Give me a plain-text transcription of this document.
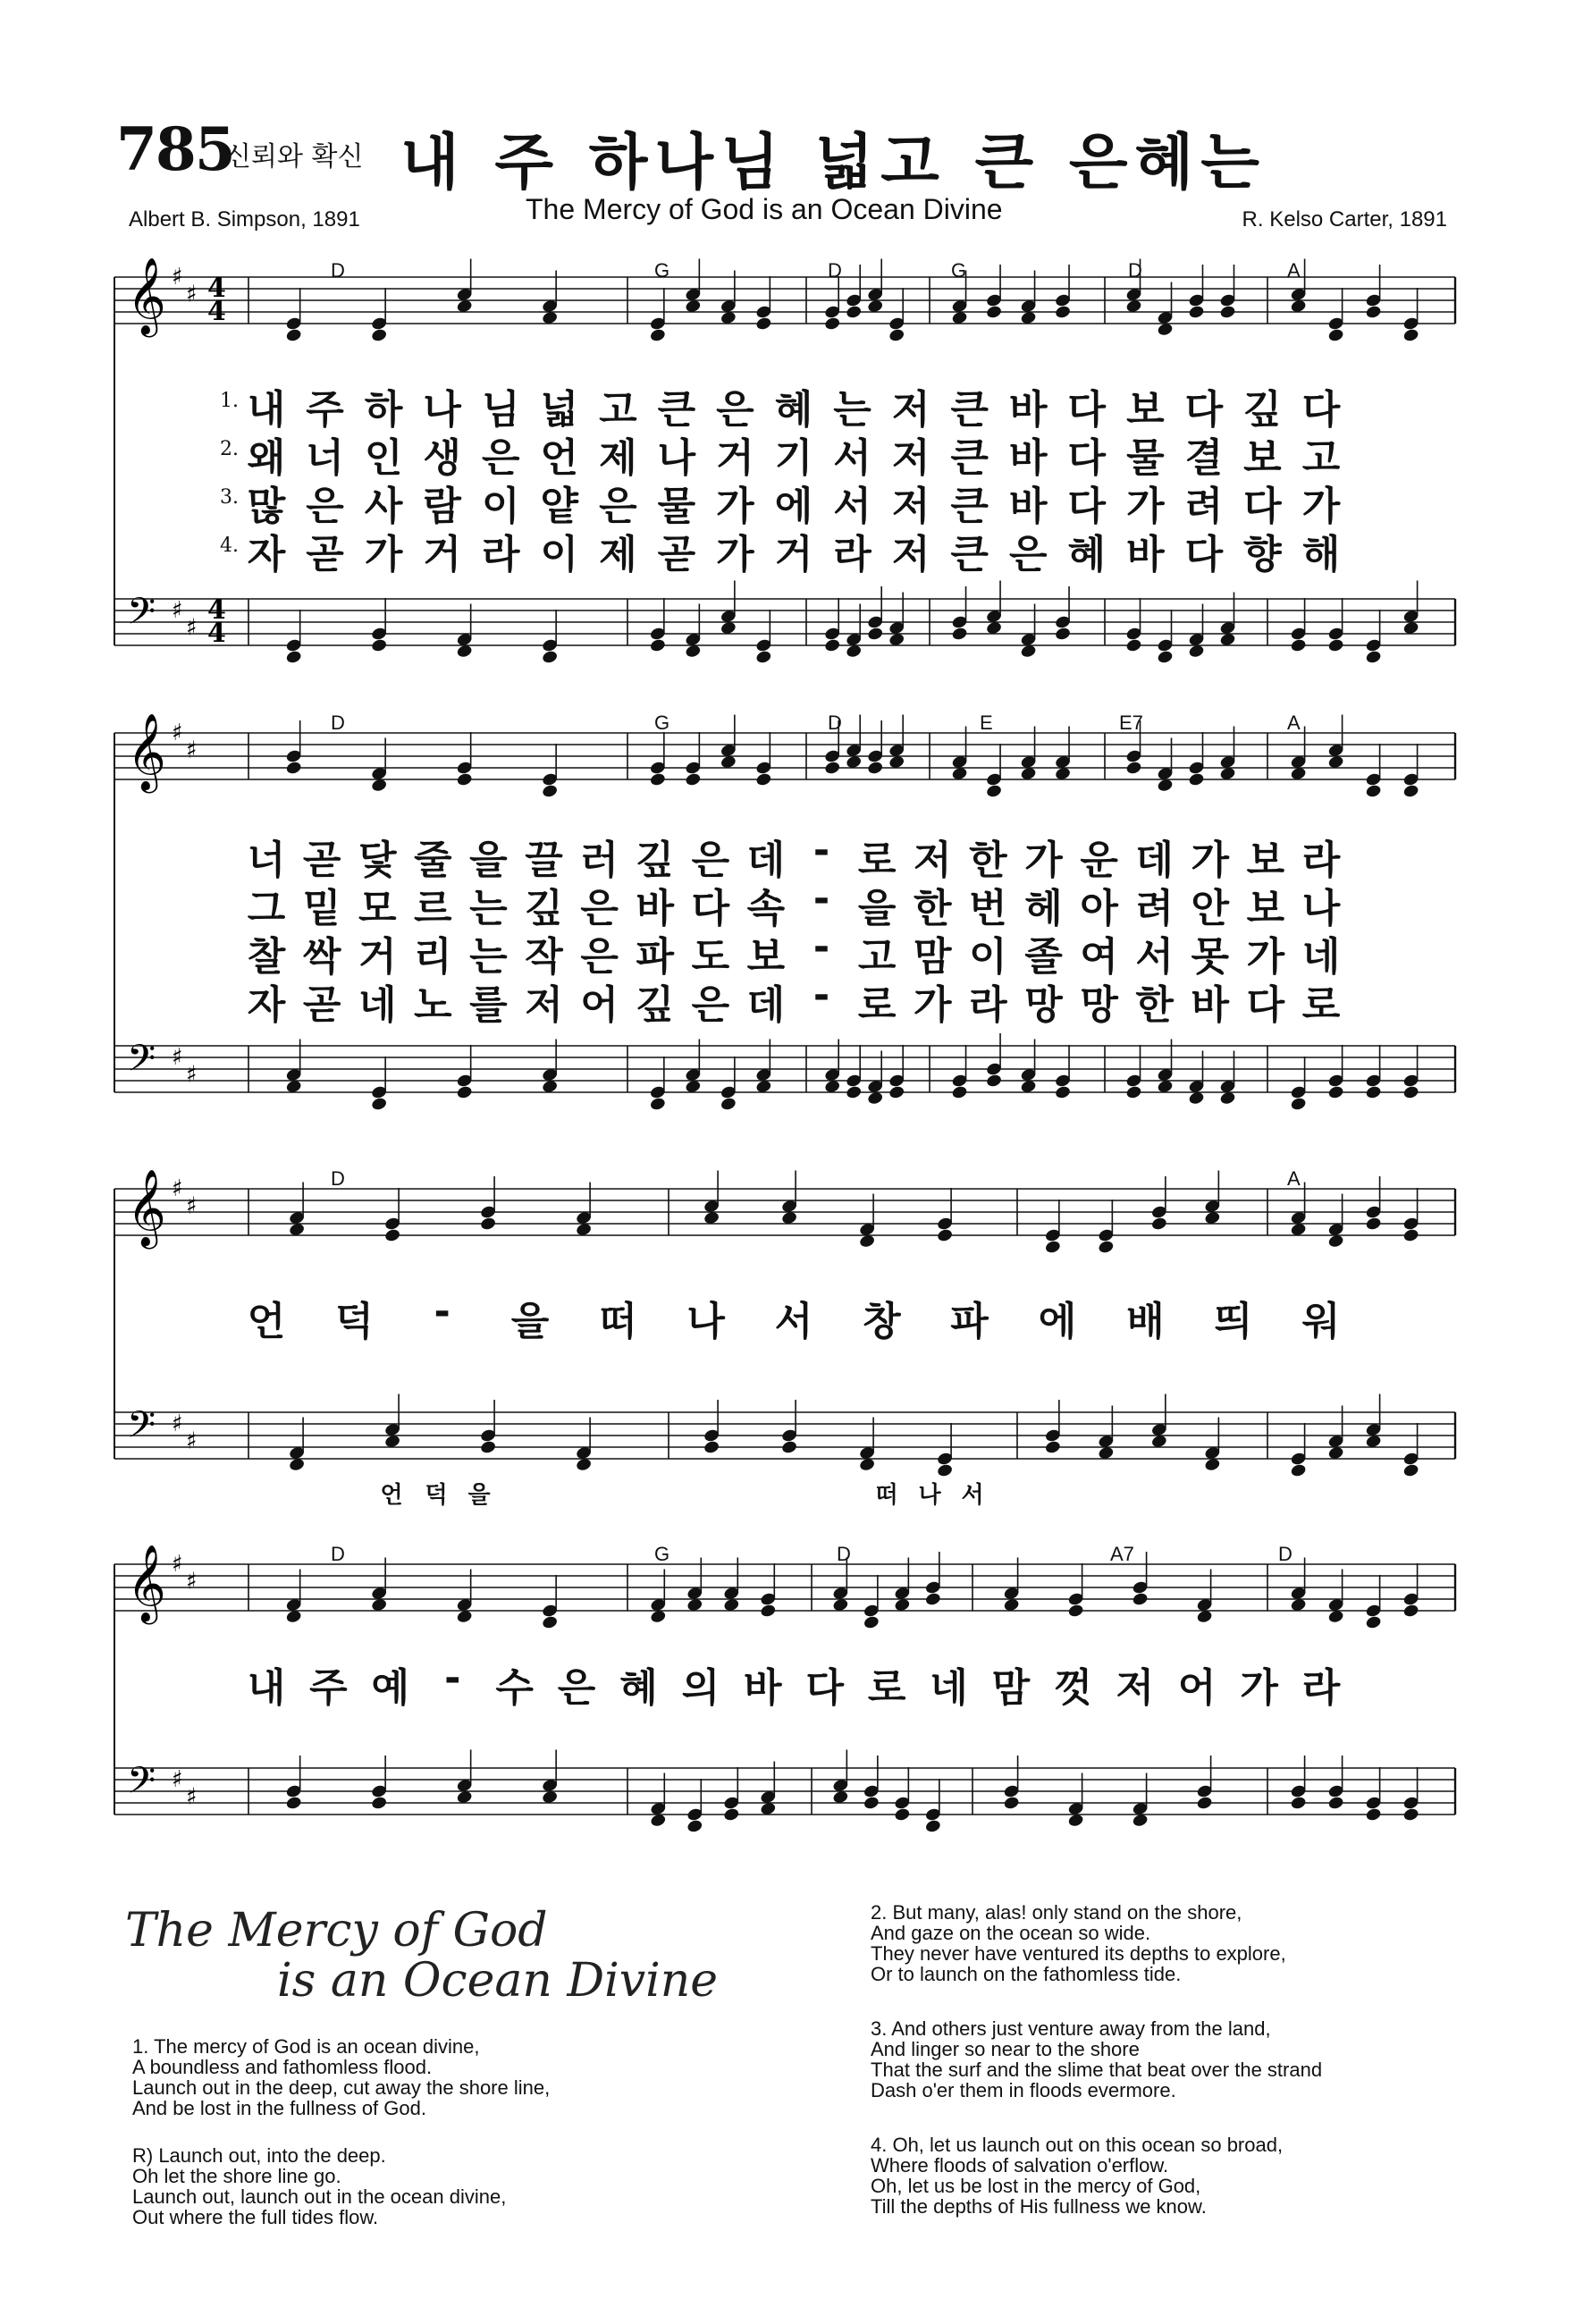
785
신뢰와 확신 내 주 하나님 넓고 큰 은혜는
Albert B. Simpson, 1891	The Mercy of God is an Ocean Divine	R. Kelso Carter, 1891
𝄞 ♯
♯
𝄢 ♯
♯
4
4
4
4
D	G	D	G	D	A
1. 내 주 하 나 님 넓 고 큰 은 혜 는 저 큰 바 다 보 다 깊 다
2. 왜 너 인 생 은 언 제 나 거 기 서 저 큰 바 다 물 결 보 고
3. 많 은 사 람 이 얕 은 물 가 에 서 저 큰 바 다 가 려 다 가
4. 자 곧 가 거 라 이 제 곧 가 거 라 저 큰 은 혜 바 다 향 해
𝄞 ♯
♯
𝄢 ♯
♯
D	G	D	E	E7	A
너 곧 닻 줄 을 끌 러 깊 은 데 - 로 저 한 가 운 데 가 보 라
그 밑 모 르 는 깊 은 바 다 속 - 을 한 번 헤 아 려 안 보 나
찰 싹 거 리 는 작 은 파 도 보 - 고 맘 이 졸 여 서 못 가 네
자 곧 네 노 를 저 어 깊 은 데 - 로 가 라 망 망 한 바 다 로
𝄞 ♯
♯
𝄢 ♯
♯
D	A
언 덕 - 을 떠 나 서 창 파 에 배 띄 워
언 덕 을	떠 나 서
𝄞 ♯
♯
𝄢 ♯
♯
D	G	D	A7	D
내 주 예 - 수 은 혜 의 바 다 로 네 맘 껏 저 어 가 라
The Mercy of God
is an Ocean Divine
1. The mercy of God is an ocean divine,
A boundless and fathomless flood.
Launch out in the deep, cut away the shore line,
And be lost in the fullness of God.
R) Launch out, into the deep.
Oh let the shore line go.
Launch out, launch out in the ocean divine,
Out where the full tides flow.
2. But many, alas! only stand on the shore,
And gaze on the ocean so wide.
They never have ventured its depths to explore,
Or to launch on the fathomless tide.
3. And others just venture away from the land,
And linger so near to the shore
That the surf and the slime that beat over the strand
Dash o'er them in floods evermore.
4. Oh, let us launch out on this ocean so broad,
Where floods of salvation o'erflow.
Oh, let us be lost in the mercy of God,
Till the depths of His fullness we know.
